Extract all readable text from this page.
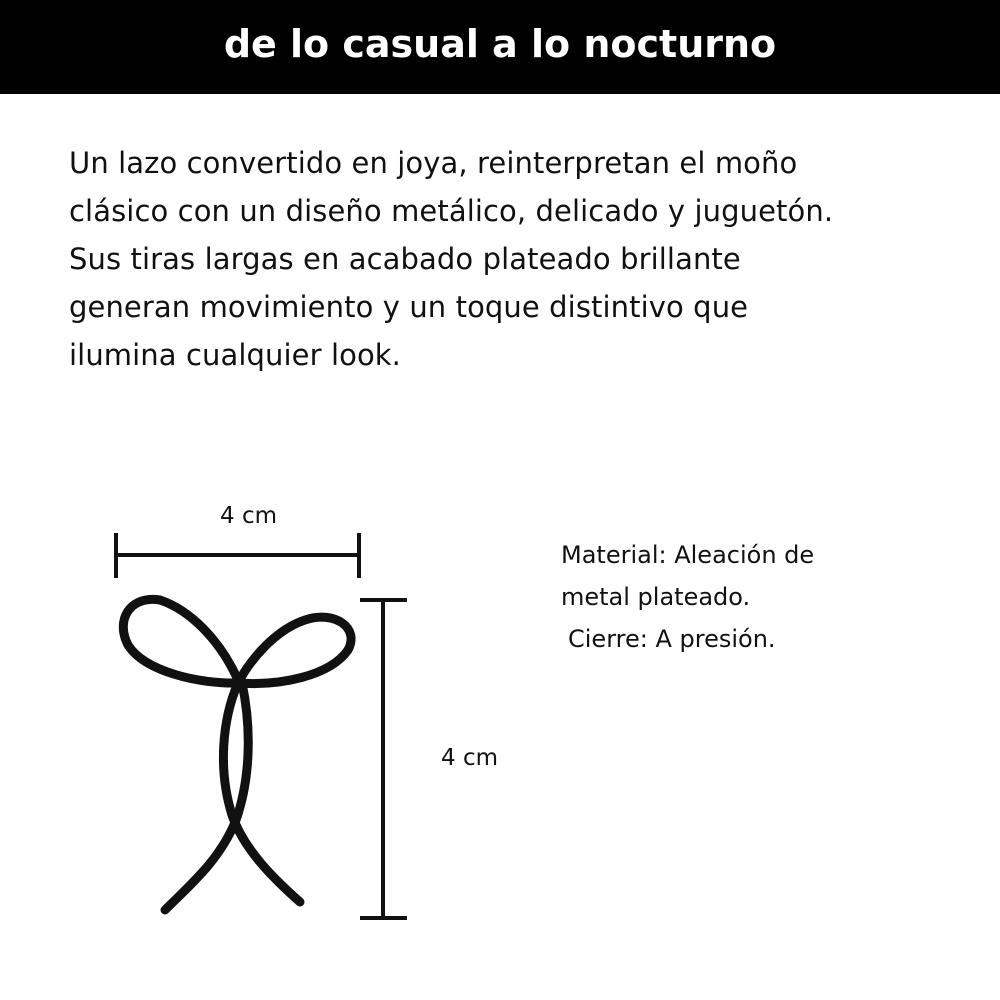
de lo casual a lo nocturno

Un lazo convertido en joya, reinterpretan el moño
clásico con un diseño metálico, delicado y juguetón.
Sus tiras largas en acabado plateado brillante
generan movimiento y un toque distintivo que
ilumina cualquier look.

4 cm
4 cm
Material: Aleación de
metal plateado.
Cierre: A presión.
